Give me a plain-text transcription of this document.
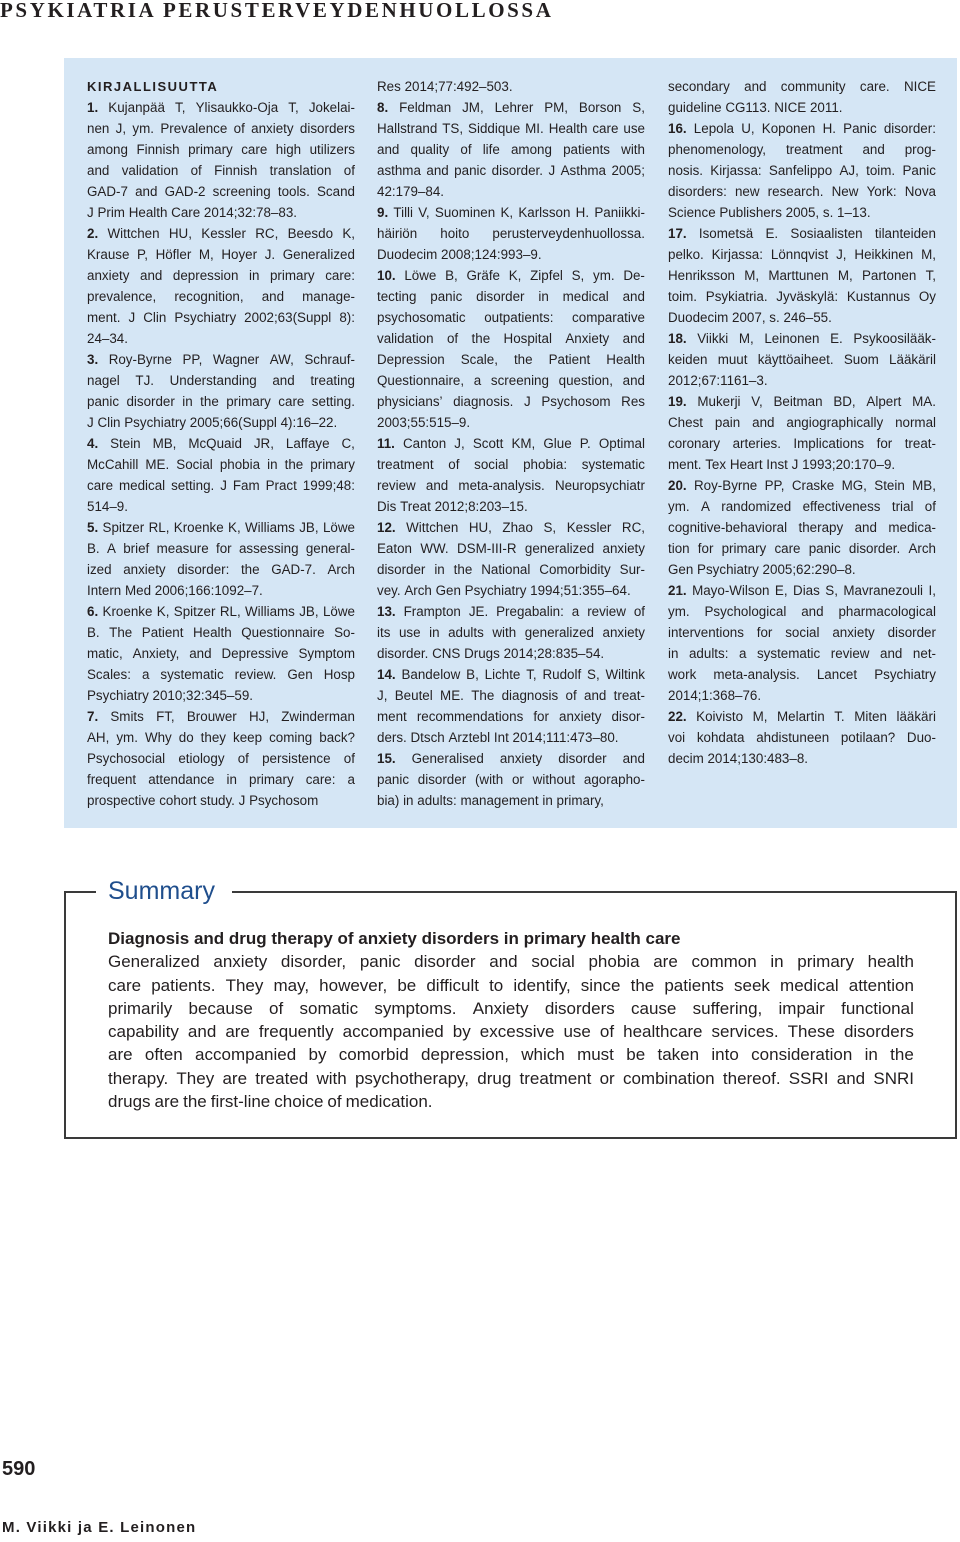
PSYKIATRIA PERUSTERVEYDENHUOLLOSSA
KIRJALLISUUTTA
1. Kujanpää T, Ylisaukko-Oja T, Jokelai-
nen J, ym. Prevalence of anxiety disorders
among Finnish primary care high utilizers
and validation of Finnish translation of
GAD-7 and GAD-2 screening tools. Scand
J
Prim
Health
Care
2014;32:78–83.
2. Wittchen HU, Kessler RC, Beesdo K,
Krause P, Höfler M, Hoyer J. Generalized
anxiety and depression in primary care:
prevalence, recognition, and manage-
ment. J Clin Psychiatry 2002;63(Suppl 8):
24–34.
3. Roy-Byrne PP, Wagner AW, Schrauf-
nagel TJ. Understanding and treating
panic disorder in the primary care setting.
J
Clin
Psychiatry
2005;66(Suppl
4):16–22.
4. Stein MB, McQuaid JR, Laffaye C,
McCahill ME. Social phobia in the primary
care medical setting. J Fam Pract 1999;48:
514–9.
5. Spitzer RL, Kroenke K, Williams JB, Löwe
B. A brief measure for assessing general-
ized anxiety disorder: the GAD-7. Arch
Intern
Med
2006;166:1092–7.
6. Kroenke K, Spitzer RL, Williams JB, Löwe
B. The Patient Health Questionnaire So-
matic, Anxiety, and Depressive Symptom
Scales: a systematic review. Gen Hosp
Psychiatry
2010;32:345–59.
7. Smits FT, Brouwer HJ, Zwinderman
AH, ym. Why do they keep coming back?
Psychosocial etiology of persistence of
frequent attendance in primary care: a
prospective
cohort
study.
J
Psychosom
Res
2014;77:492–503.
8. Feldman JM, Lehrer PM, Borson S,
Hallstrand TS, Siddique MI. Health care use
and quality of life among patients with
asthma and panic disorder. J Asthma 2005;
42:179–84.
9. Tilli V, Suominen K, Karlsson H. Paniikki-
häiriön hoito perusterveydenhuollossa.
Duodecim
2008;124:993–9.
10. Löwe B, Gräfe K, Zipfel S, ym. De-
tecting panic disorder in medical and
psychosomatic outpatients: comparative
validation of the Hospital Anxiety and
Depression Scale, the Patient Health
Questionnaire, a screening question, and
physicians’ diagnosis. J Psychosom Res
2003;55:515–9.
11. Canton J, Scott KM, Glue P. Optimal
treatment of social phobia: systematic
review and meta-analysis. Neuropsychiatr
Dis
Treat
2012;8:203–15.
12. Wittchen HU, Zhao S, Kessler RC,
Eaton WW. DSM-III-R generalized anxiety
disorder in the National Comorbidity Sur-
vey.
Arch
Gen
Psychiatry
1994;51:355–64.
13. Frampton JE. Pregabalin: a review of
its use in adults with generalized anxiety
disorder.
CNS
Drugs
2014;28:835–54.
14. Bandelow B, Lichte T, Rudolf S, Wiltink
J, Beutel ME. The diagnosis of and treat-
ment recommendations for anxiety disor-
ders.
Dtsch
Arztebl
Int
2014;111:473–80.
15. Generalised anxiety disorder and
panic disorder (with or without agorapho-
bia)
in
adults:
management
in
primary,
secondary and community care. NICE
guideline
CG113.
NICE
2011.
16. Lepola U, Koponen H. Panic disorder:
phenomenology, treatment and prog-
nosis. Kirjassa: Sanfelippo AJ, toim. Panic
disorders: new research. New York: Nova
Science
Publishers
2005,
s.
1–13.
17. Isometsä E. Sosiaalisten tilanteiden
pelko. Kirjassa: Lönnqvist J, Heikkinen M,
Henriksson M, Marttunen M, Partonen T,
toim. Psykiatria. Jyväskylä: Kustannus Oy
Duodecim
2007,
s.
246–55.
18. Viikki M, Leinonen E. Psykoosilääk-
keiden muut käyttöaiheet. Suom Lääkäril
2012;67:1161–3.
19. Mukerji V, Beitman BD, Alpert MA.
Chest pain and angiographically normal
coronary arteries. Implications for treat-
ment.
Tex
Heart
Inst
J
1993;20:170–9.
20. Roy-Byrne PP, Craske MG, Stein MB,
ym. A randomized effectiveness trial of
cognitive-behavioral therapy and medica-
tion for primary care panic disorder. Arch
Gen
Psychiatry
2005;62:290–8.
21. Mayo-Wilson E, Dias S, Mavranezouli I,
ym. Psychological and pharmacological
interventions for social anxiety disorder
in adults: a systematic review and net-
work meta-analysis. Lancet Psychiatry
2014;1:368–76.
22. Koivisto M, Melartin T. Miten lääkäri
voi kohdata ahdistuneen potilaan? Duo-
decim
2014;130:483–8.
Summary
Diagnosis and drug therapy of anxiety disorders in primary health care
Generalized anxiety disorder, panic disorder and social phobia are common in primary health
care patients. They may, however, be difficult to identify, since the patients seek medical attention
primarily because of somatic symptoms. Anxiety disorders cause suffering, impair functional
capability and are frequently accompanied by excessive use of healthcare services. These disorders
are often accompanied by comorbid depression, which must be taken into consideration in the
therapy. They are treated with psychotherapy, drug treatment or combination thereof. SSRI and SNRI
drugs are the first-line choice of medication.
590
M. Viikki ja E. Leinonen
